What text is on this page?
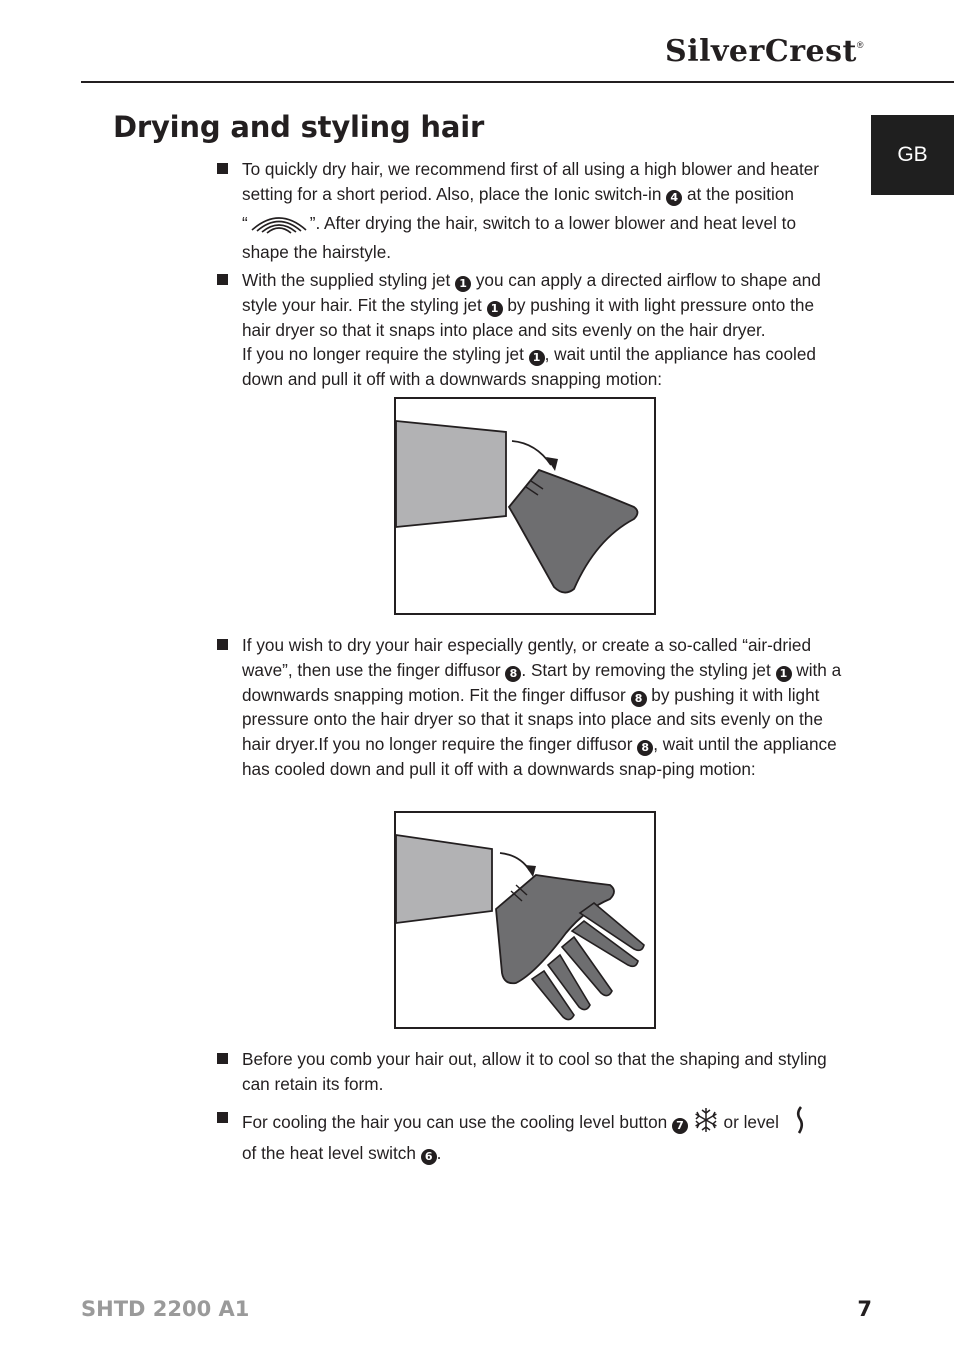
SilverCrest®
GB
Drying and styling hair
To quickly dry hair, we recommend first of all using a high blower and heater setting for a short period. Also, place the Ionic switch-in 4 at the position
“	”. After drying the hair, switch to a lower blower and heat level to shape the hairstyle.
With the supplied styling jet 1 you can apply a directed airflow to shape and style your hair. Fit the styling jet 1 by pushing it with light pressure onto the hair dryer so that it snaps into place and sits evenly on the hair dryer.
If you no longer require the styling jet 1 , wait until the appliance has cooled down and pull it off with a downwards snapping motion:
If you wish to dry your hair especially gently, or create a so-called “air-dried wave”, then use the finger diffusor 8 . Start by removing the styling jet 1 with a downwards snapping motion. Fit the finger diffusor 8 by pushing it with light pressure onto the hair dryer so that it snaps into place and sits evenly on the hair dryer.If you no longer require the finger diffusor 8 , wait until the appliance has cooled down and pull it off with a downwards snap-ping motion:
Before you comb your hair out, allow it to cool so that the shaping and styling can retain its form.
For cooling the hair you can use the cooling level button 7  or level
of the heat level switch 6 .
SHTD 2200 A1	7
